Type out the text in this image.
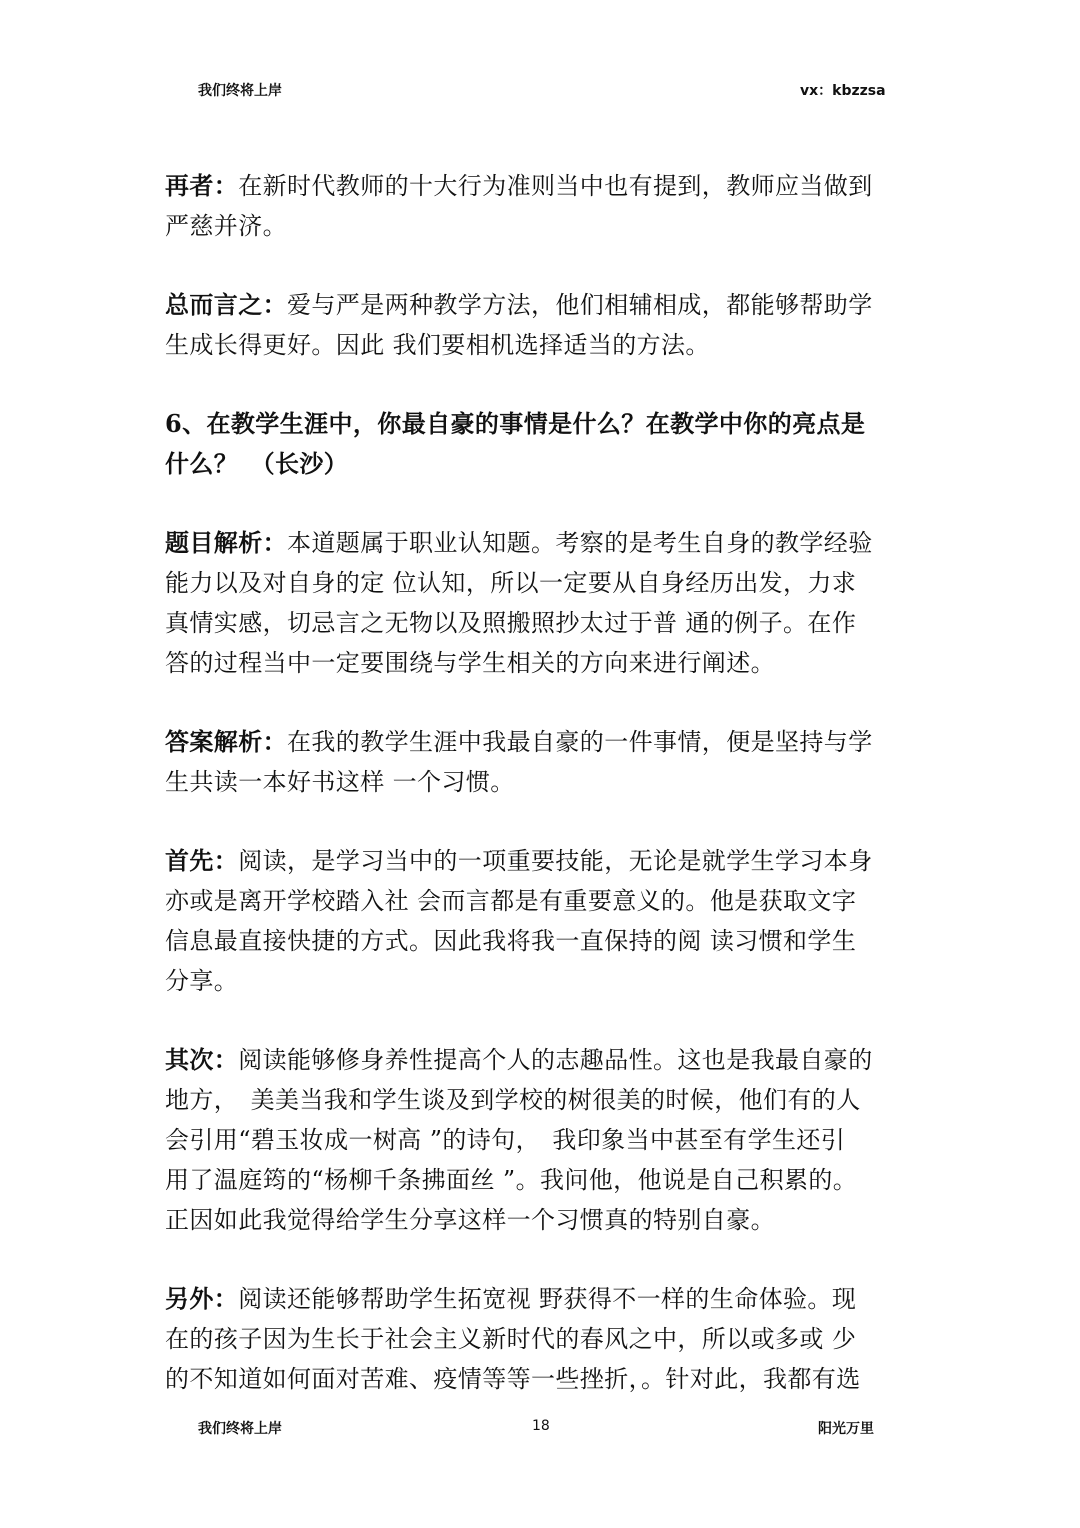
我们终将上岸	vx：kbzzsa
再者：在新时代教师的十大行为准则当中也有提到，教师应当做到
严慈并济。
总而言之：爱与严是两种教学方法，他们相辅相成，都能够帮助学
生成长得更好。因此 我们要相机选择适当的方法。
6、在教学生涯中，你最自豪的事情是什么？在教学中你的亮点是
什么？　（长沙）
题目解析：本道题属于职业认知题。考察的是考生自身的教学经验
能力以及对自身的定 位认知，所以一定要从自身经历出发，力求
真情实感，切忌言之无物以及照搬照抄太过于普 通的例子。在作
答的过程当中一定要围绕与学生相关的方向来进行阐述。
答案解析：在我的教学生涯中我最自豪的一件事情，便是坚持与学
生共读一本好书这样 一个习惯。
首先：阅读，是学习当中的一项重要技能，无论是就学生学习本身
亦或是离开学校踏入社 会而言都是有重要意义的。他是获取文字
信息最直接快捷的方式。因此我将我一直保持的阅 读习惯和学生
分享。
其次：阅读能够修身养性提高个人的志趣品性。这也是我最自豪的
地方，　美美当我和学生谈及到学校的树很美的时候，他们有的人
会引用“碧玉妆成一树高 ”的诗句，　我印象当中甚至有学生还引
用了温庭筠的“杨柳千条拂面丝 ”。我问他，他说是自己积累的。
正因如此我觉得给学生分享这样一个习惯真的特别自豪。
另外：阅读还能够帮助学生拓宽视 野获得不一样的生命体验。现
在的孩子因为生长于社会主义新时代的春风之中，所以或多或 少
的不知道如何面对苦难、疫情等等一些挫折，。针对此，我都有选
我们终将上岸	18	阳光万里
